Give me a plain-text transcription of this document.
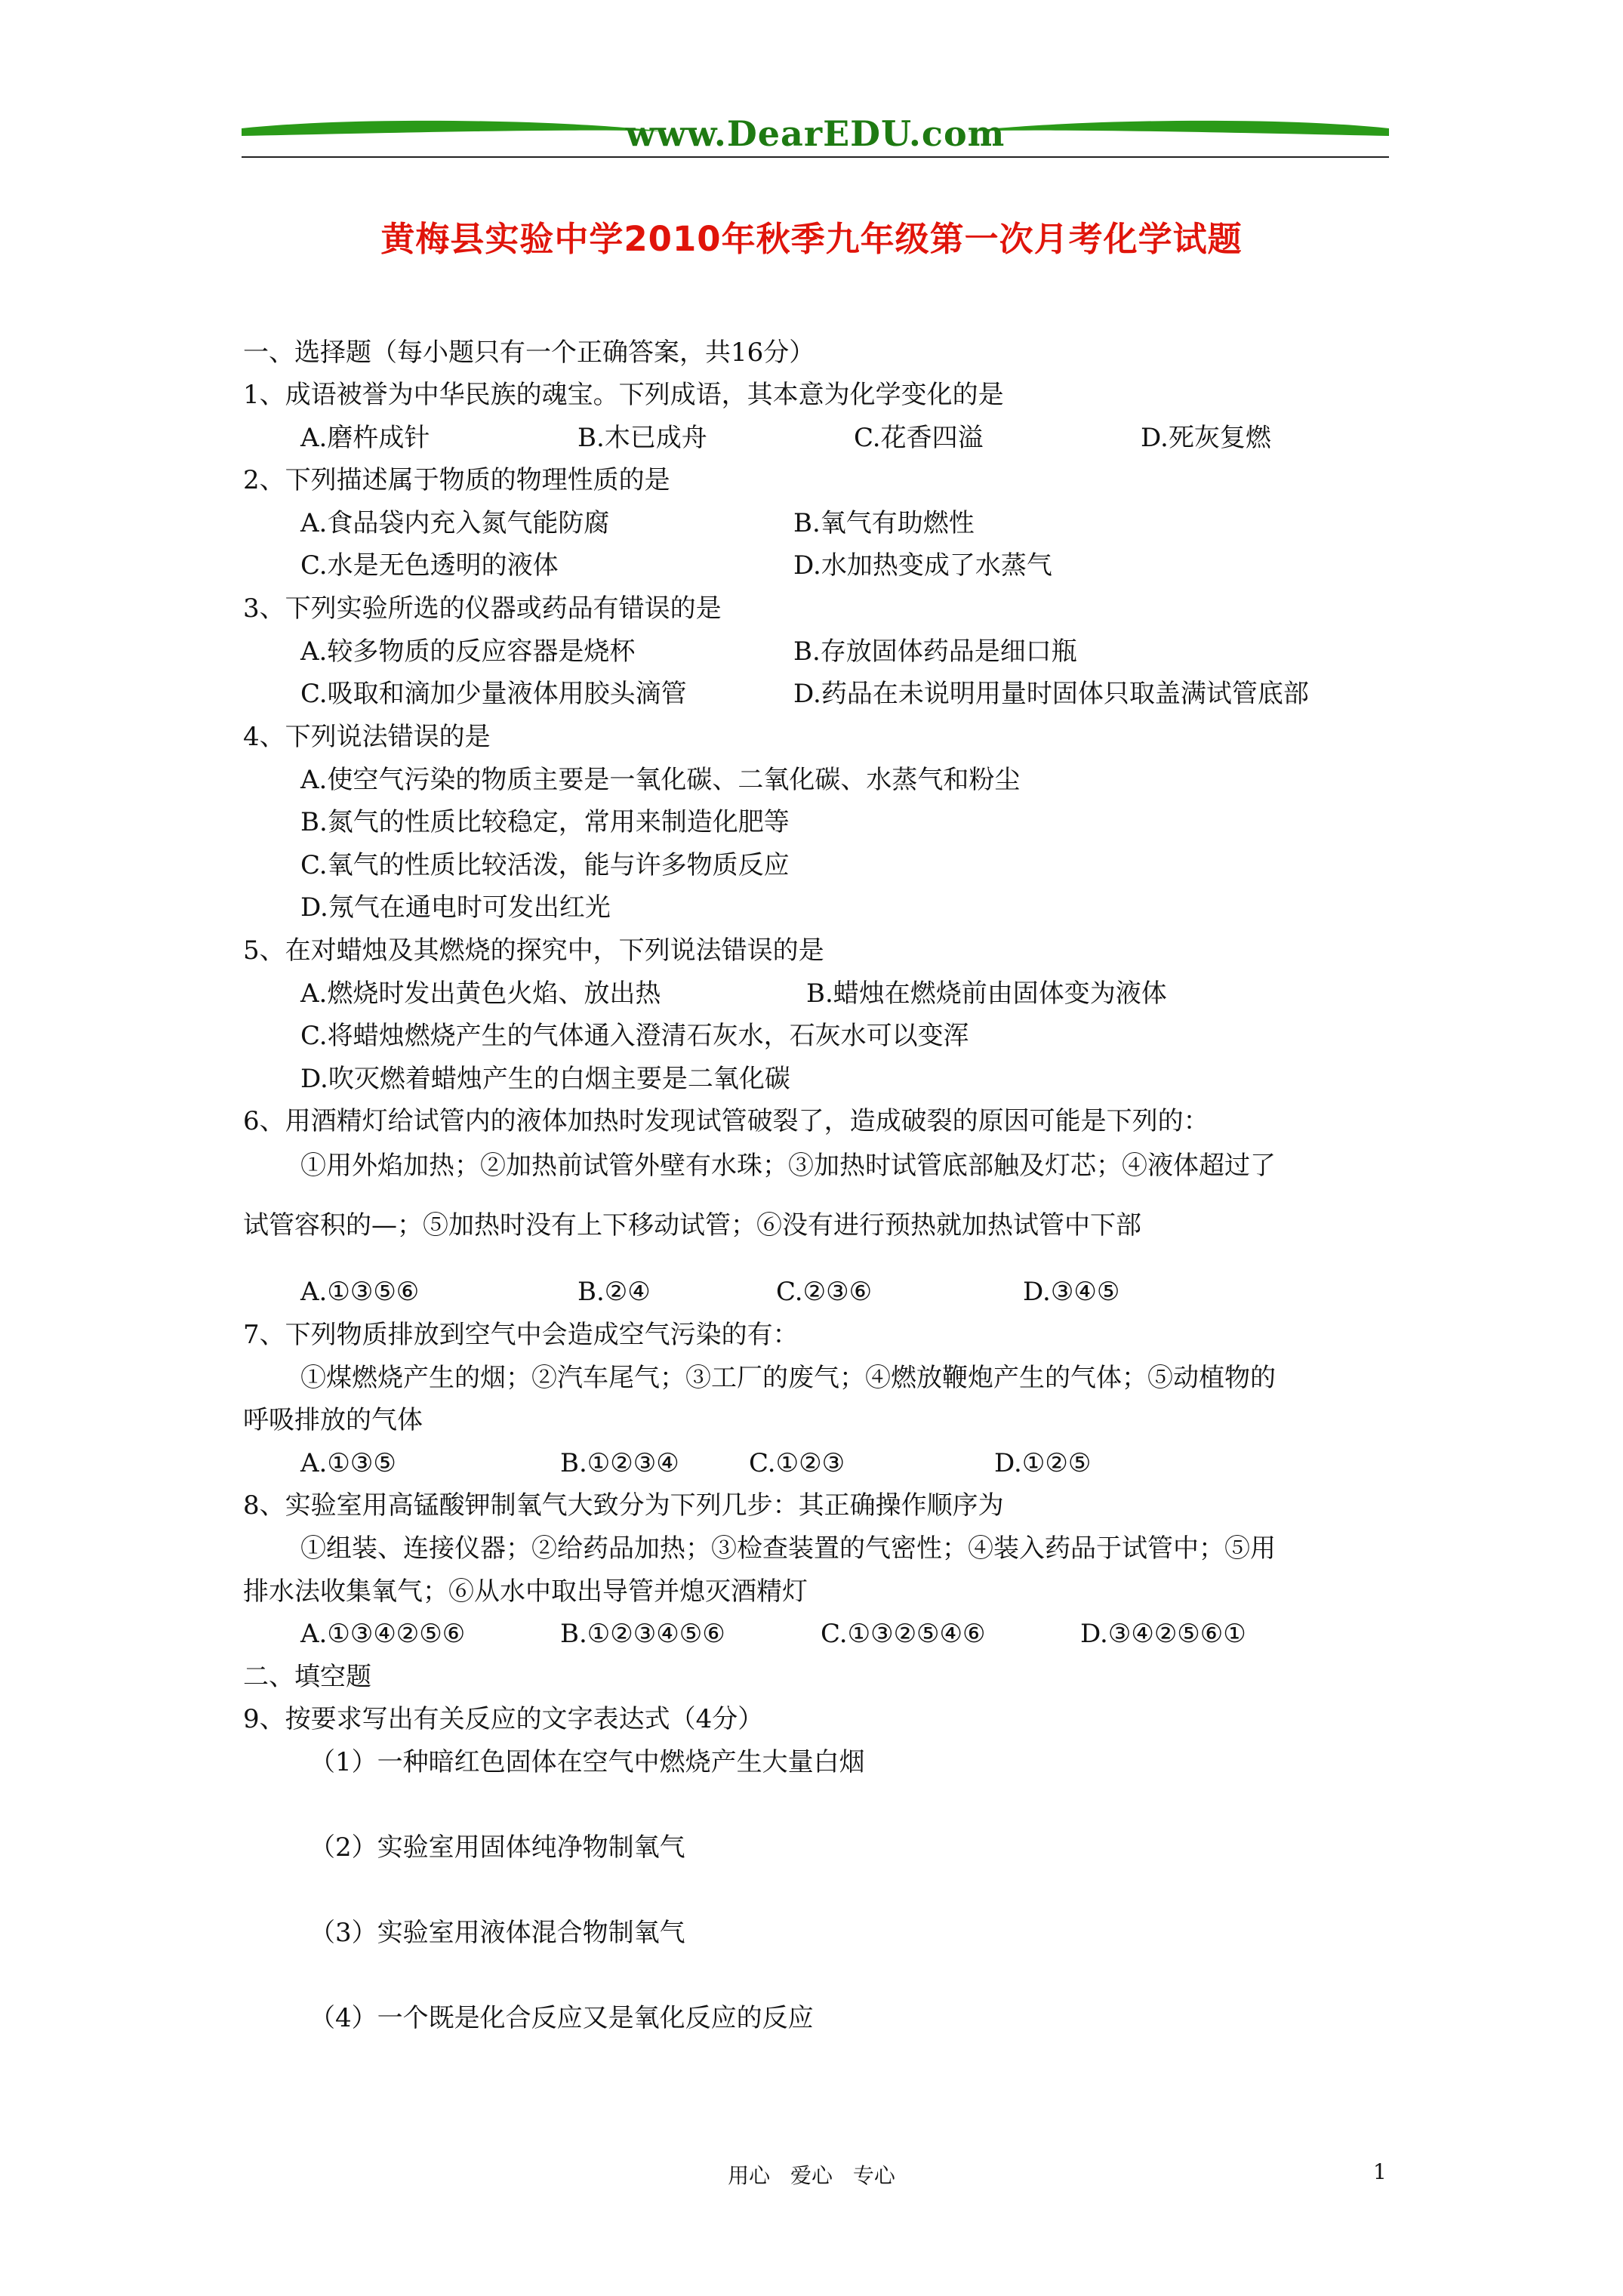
www.DearEDU.com
黄梅县实验中学2010年秋季九年级第一次月考化学试题
一、选择题（每小题只有一个正确答案，共16分）
1、成语被誉为中华民族的魂宝。下列成语，其本意为化学变化的是
A.磨杵成针	B.木已成舟	C.花香四溢	D.死灰复燃
2、下列描述属于物质的物理性质的是
A.食品袋内充入氮气能防腐	B.氧气有助燃性
C.水是无色透明的液体	D.水加热变成了水蒸气
3、下列实验所选的仪器或药品有错误的是
A.较多物质的反应容器是烧杯	B.存放固体药品是细口瓶
C.吸取和滴加少量液体用胶头滴管	D.药品在未说明用量时固体只取盖满试管底部
4、下列说法错误的是
A.使空气污染的物质主要是一氧化碳、二氧化碳、水蒸气和粉尘
B.氮气的性质比较稳定，常用来制造化肥等
C.氧气的性质比较活泼，能与许多物质反应
D.氖气在通电时可发出红光
5、在对蜡烛及其燃烧的探究中，下列说法错误的是
A.燃烧时发出黄色火焰、放出热	B.蜡烛在燃烧前由固体变为液体
C.将蜡烛燃烧产生的气体通入澄清石灰水，石灰水可以变浑
D.吹灭燃着蜡烛产生的白烟主要是二氧化碳
6、用酒精灯给试管内的液体加热时发现试管破裂了，造成破裂的原因可能是下列的：
①用外焰加热；②加热前试管外壁有水珠；③加热时试管底部触及灯芯；④液体超过了
试管容积的—；⑤加热时没有上下移动试管；⑥没有进行预热就加热试管中下部
A.①③⑤⑥	B.②④	C.②③⑥	D.③④⑤
7、下列物质排放到空气中会造成空气污染的有：
①煤燃烧产生的烟；②汽车尾气；③工厂的废气；④燃放鞭炮产生的气体；⑤动植物的
呼吸排放的气体
A.①③⑤	B.①②③④	C.①②③	D.①②⑤
8、实验室用高锰酸钾制氧气大致分为下列几步：其正确操作顺序为
①组装、连接仪器；②给药品加热；③检查装置的气密性；④装入药品于试管中；⑤用
排水法收集氧气；⑥从水中取出导管并熄灭酒精灯
A.①③④②⑤⑥	B.①②③④⑤⑥	C.①③②⑤④⑥	D.③④②⑤⑥①
二、填空题
9、按要求写出有关反应的文字表达式（4分）
（1）一种暗红色固体在空气中燃烧产生大量白烟
（2）实验室用固体纯净物制氧气
（3）实验室用液体混合物制氧气
（4）一个既是化合反应又是氧化反应的反应
用心 爱心 专心	1
